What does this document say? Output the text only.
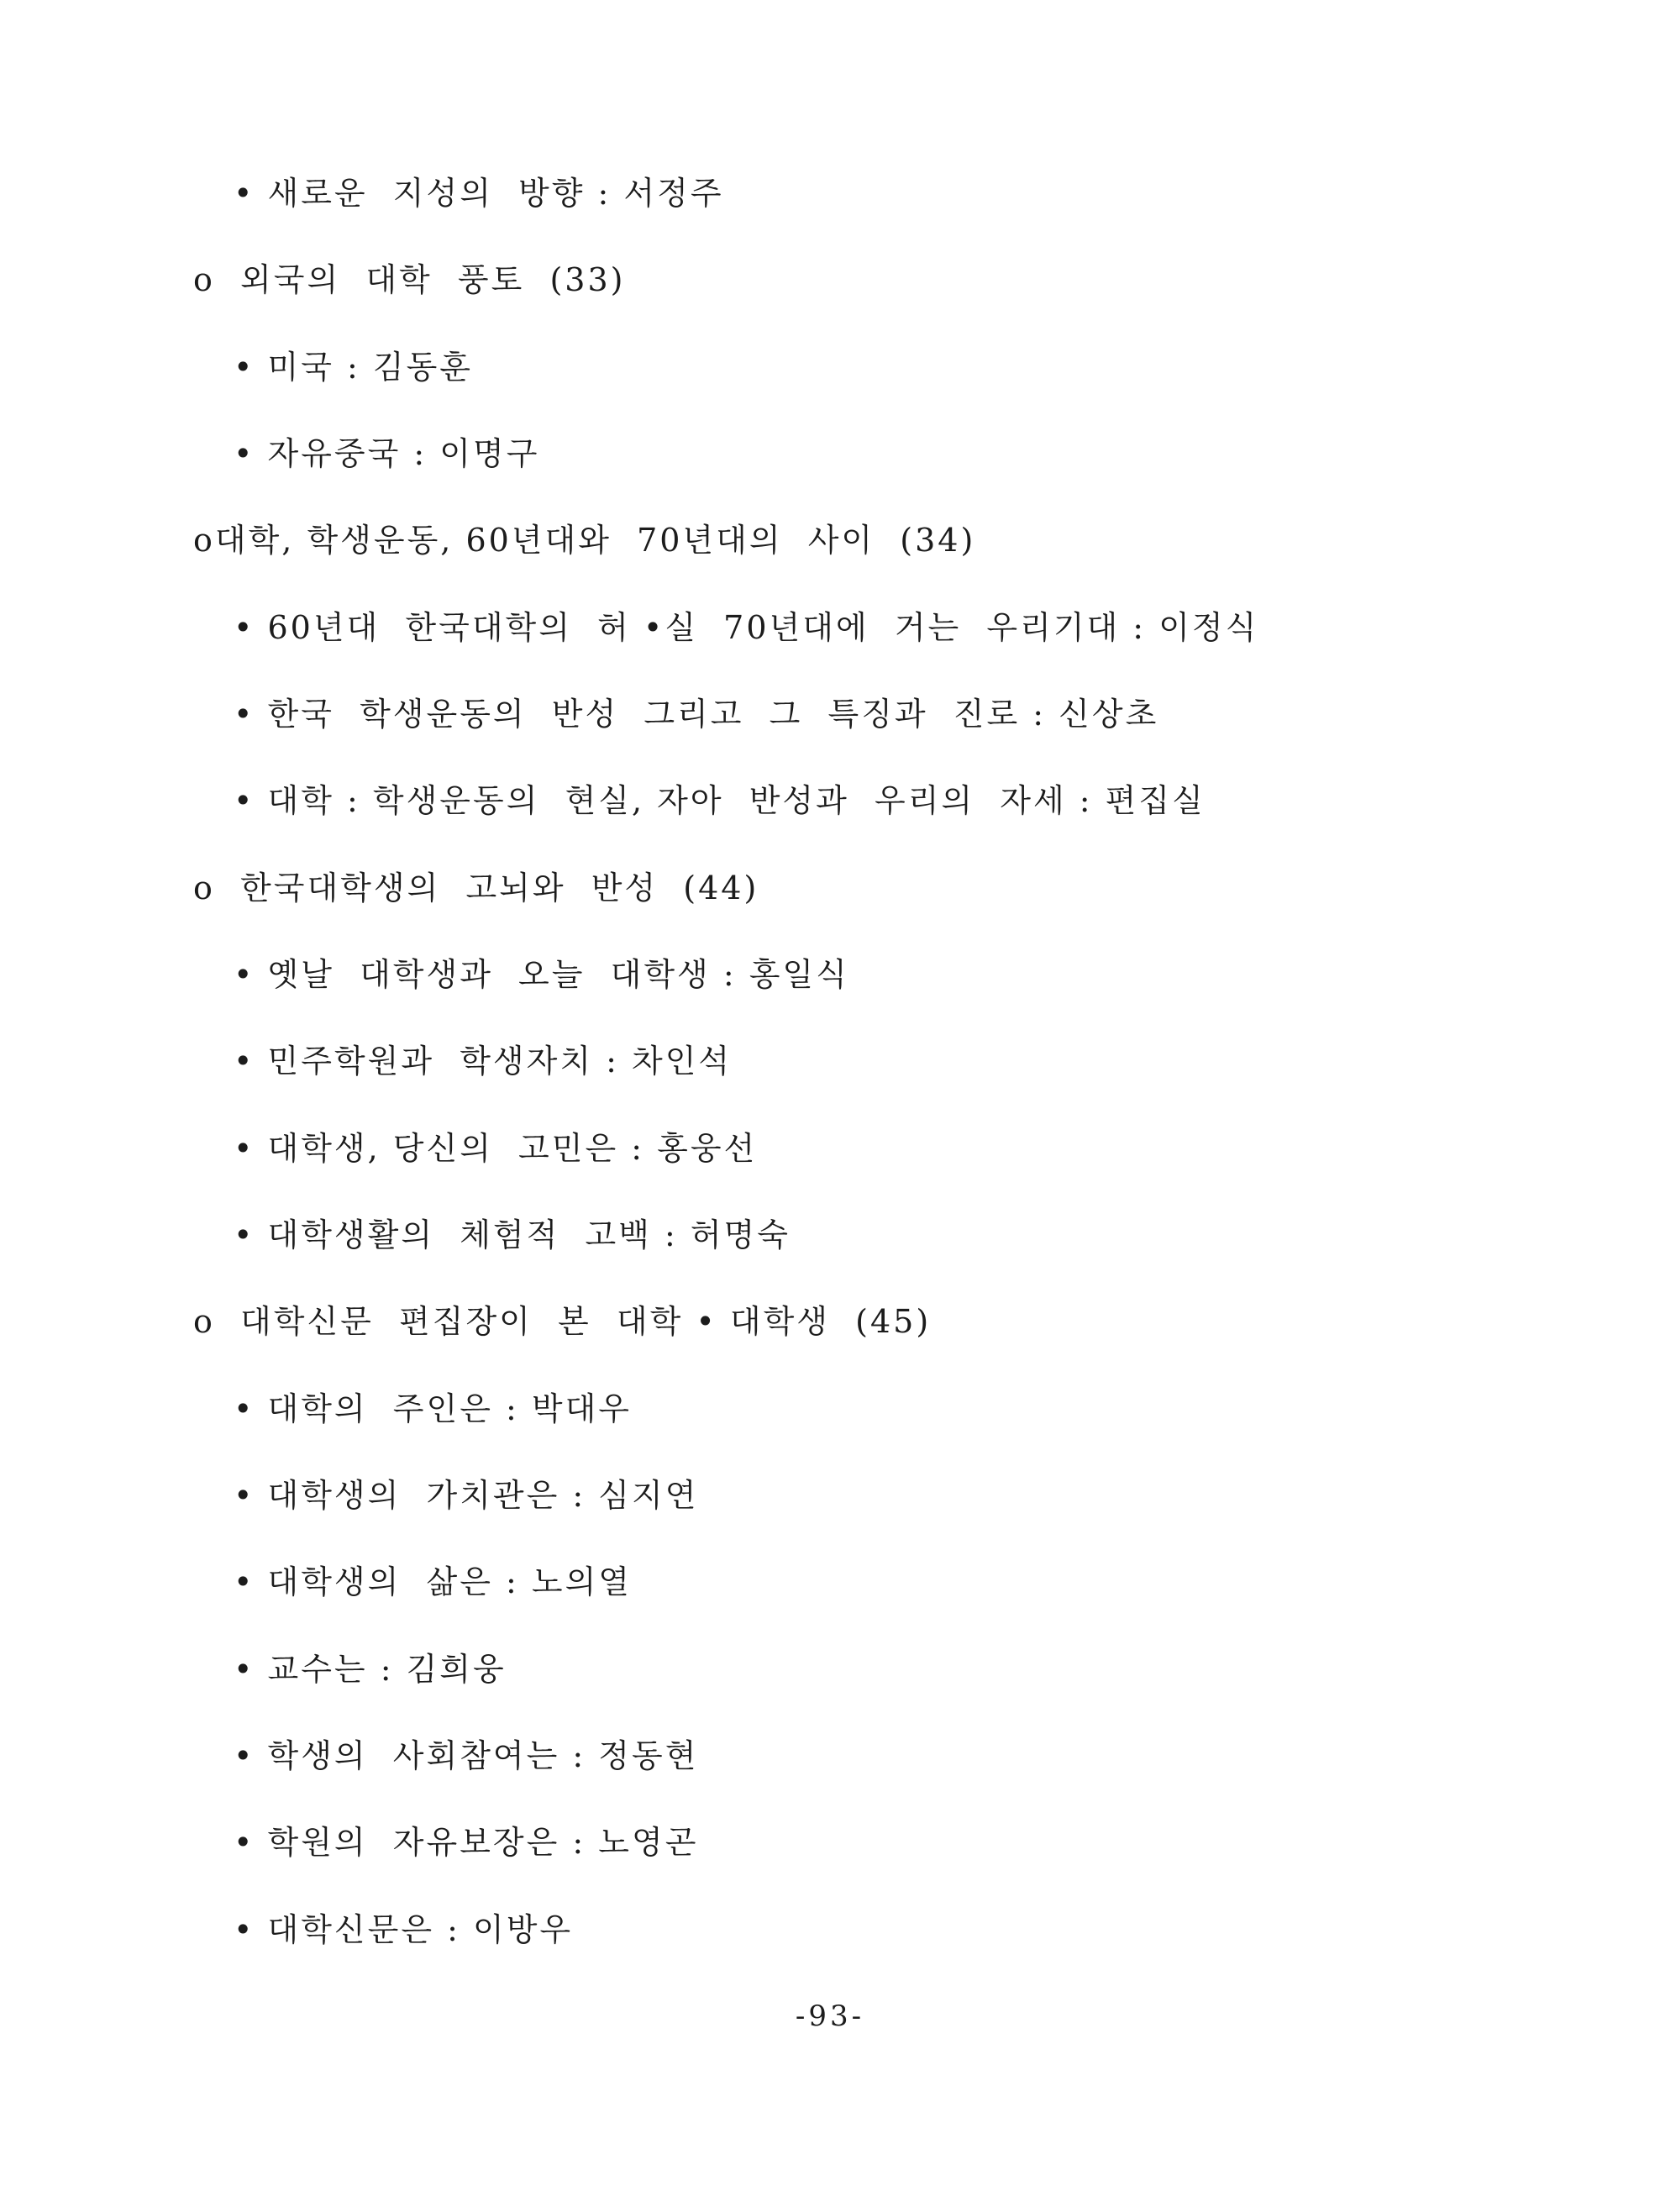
• 새로운  지성의  방향 : 서정주
o  외국의  대학  풍토  (33)
• 미국 : 김동훈
• 자유중국 : 이명구
o대학, 학생운동, 60년대와  70년대의  사이  (34)
• 60년대  한국대학의  허 •실  70년대에  거는  우리기대 : 이정식
• 한국  학생운동의  반성  그리고  그  특징과  진로 : 신상초
• 대학 : 학생운동의  현실, 자아  반성과  우리의  자세 : 편집실
o  한국대학생의  고뇌와  반성  (44)
• 옛날  대학생과  오늘  대학생 : 홍일식
• 민주학원과  학생자치 : 차인석
• 대학생, 당신의  고민은 : 홍웅선
• 대학생활의  체험적  고백 : 허명숙
o  대학신문  편집장이  본  대학 • 대학생  (45)
• 대학의  주인은 : 박대우
• 대학생의  가치관은 : 심지연
• 대학생의  삶은 : 노의열
• 교수는 : 김희웅
• 학생의  사회참여는 : 정동현
• 학원의  자유보장은 : 노영곤
• 대학신문은 : 이방우
-93-
